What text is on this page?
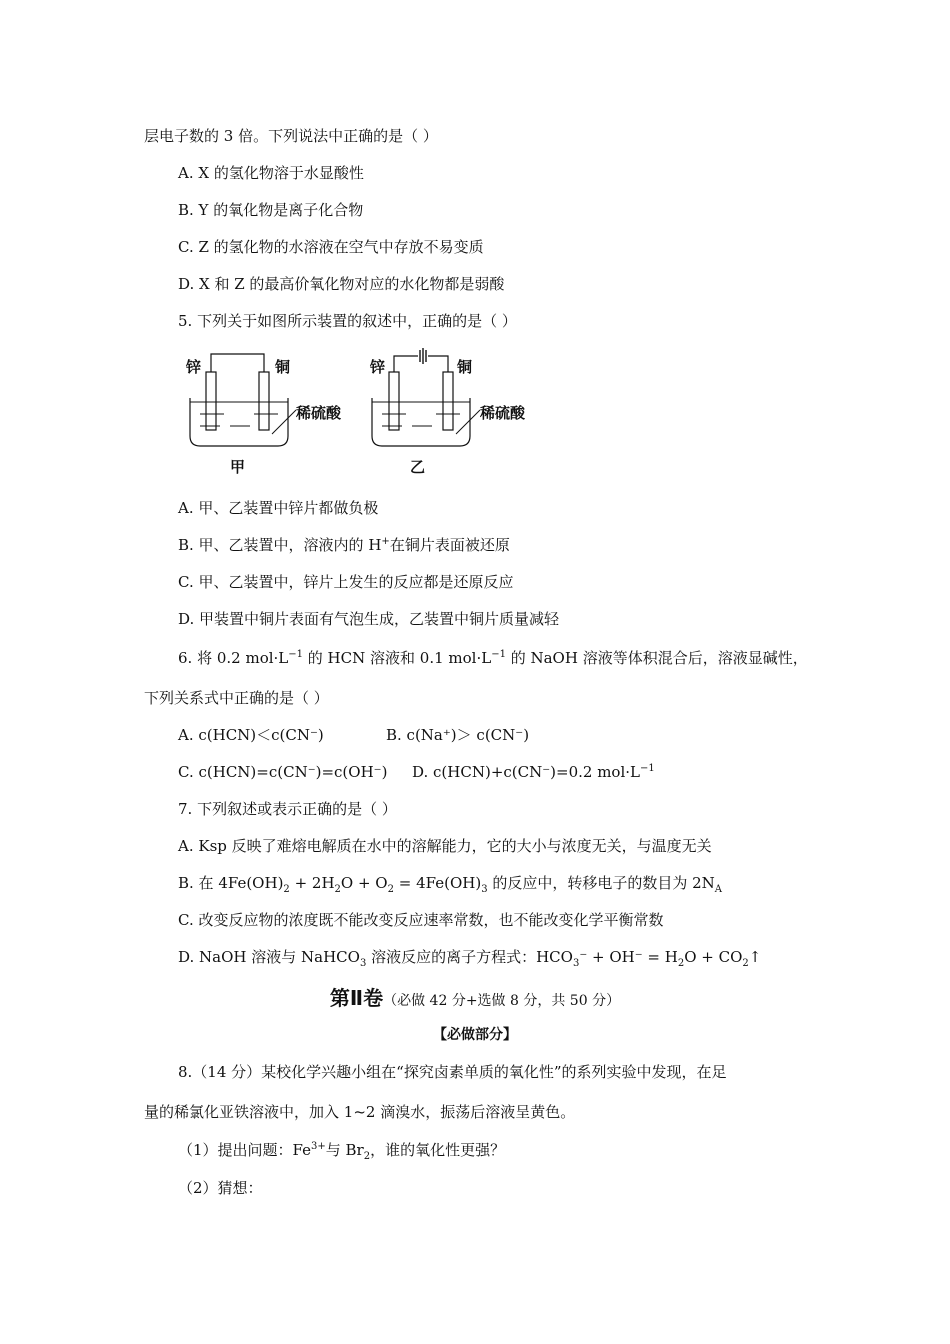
层电子数的 3 倍。下列说法中正确的是（ ）
A. X 的氢化物溶于水显酸性
B. Y 的氧化物是离子化合物
C. Z 的氢化物的水溶液在空气中存放不易变质
D. X 和 Z 的最高价氧化物对应的水化物都是弱酸
5. 下列关于如图所示装置的叙述中，正确的是（ ）
锌	铜
稀硫酸
甲
锌	铜
稀硫酸
乙
A. 甲、乙装置中锌片都做负极
B. 甲、乙装置中，溶液内的 H+在铜片表面被还原
C. 甲、乙装置中，锌片上发生的反应都是还原反应
D. 甲装置中铜片表面有气泡生成，乙装置中铜片质量减轻
6. 将 0.2 $mol\cdot L^{-1}$ 的 HCN 溶液和 0.1 $mol\cdot L^{-1}$ 的 NaOH 溶液等体积混合后，溶液显碱性，
下列关系式中正确的是（ ）
A. c(HCN)＜c(CN⁻)	B. c(Na⁺)＞ c(CN⁻)
C. c(HCN)=c(CN⁻)=c(OH⁻) D. c(HCN)+c(CN⁻)=0.2 $mol\cdot L^{-1}$
7. 下列叙述或表示正确的是（ ）
A. Ksp 反映了难熔电解质在水中的溶解能力，它的大小与浓度无关，与温度无关
B. 在 $4Fe(OH)_2 + 2H_2O + O_2 = 4Fe(OH)_3$ 的反应中，转移电子的数目为 $2N_A$
C. 改变反应物的浓度既不能改变反应速率常数，也不能改变化学平衡常数
D. NaOH 溶液与 NaHCO$_3$ 溶液反应的离子方程式：$HCO_3^- + OH^- = H_2O$ + $CO_2↑$
第Ⅱ卷（必做 42 分+选做 8 分，共 50 分）
【必做部分】
8.（14 分）某校化学兴趣小组在“探究卤素单质的氧化性”的系列实验中发现，在足
量的稀氯化亚铁溶液中，加入 1~2 滴溴水，振荡后溶液呈黄色。
（1）提出问题：$Fe^{3+}$与 $Br_2$，谁的氧化性更强？
（2）猜想：
